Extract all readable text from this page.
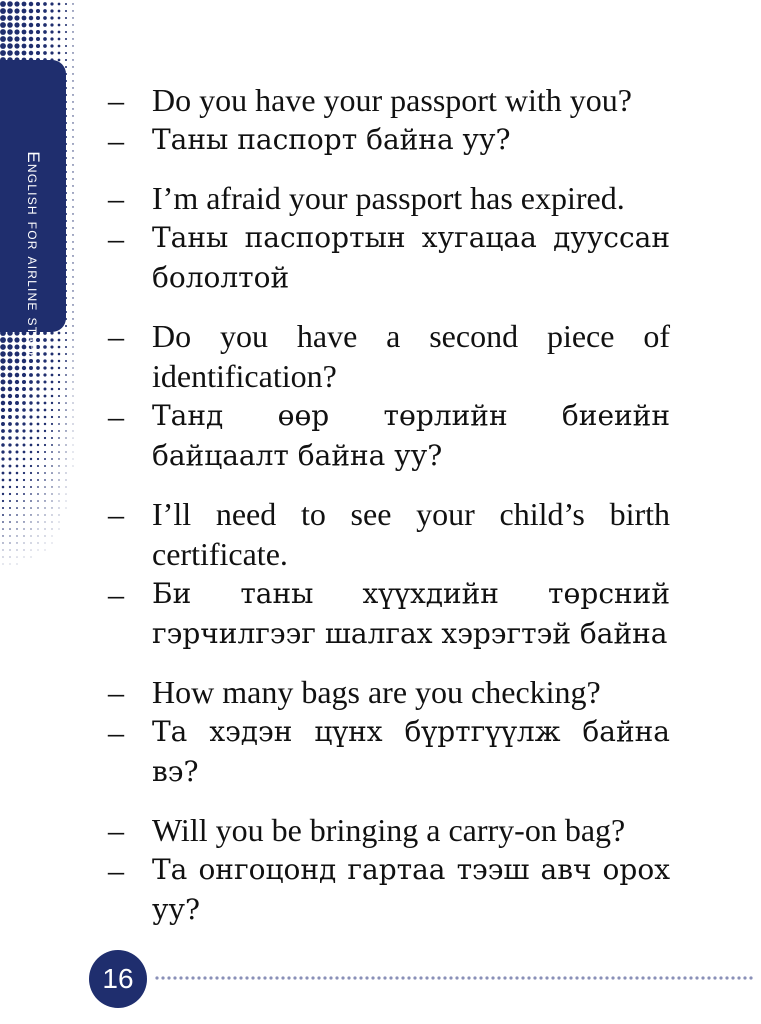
English for airline staff
– Do you have your passport with you?
–	Таны паспорт байна уу?
– I’m afraid your passport has expired.
–	Таны паспортын хугацаа дууссан бололтой
– Do you have a second piece of identification?
–	Танд өөр төрлийн биеийн байцаалт байна уу?
– I’ll need to see your child’s birth certificate.
–	Би таны хүүхдийн төрсний гэрчилгээг шалгах хэрэгтэй байна
– How many bags are you checking?
–	Та хэдэн цүнх бүртгүүлж байна вэ?
– Will you be bringing a carry-on bag?
–	Та онгоцонд гартаа тээш авч орох уу?
16
